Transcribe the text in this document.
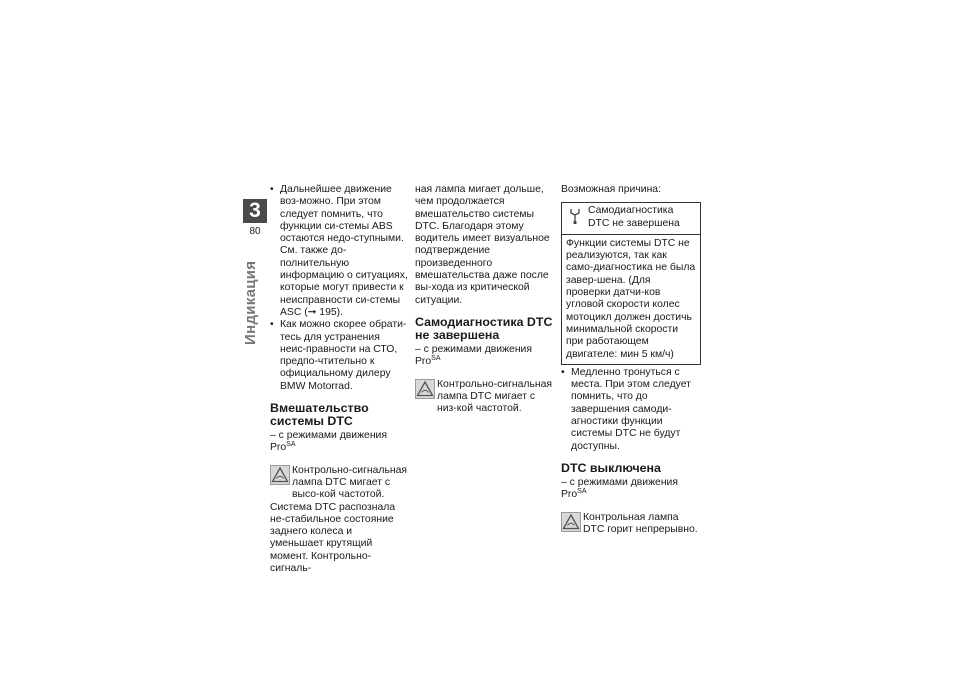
3
80
Индикация

• Дальнейшее движение воз-можно. При этом следует помнить, что функции си-стемы ABS остаются недо-ступными. См. также до-полнительную информацию о ситуациях, которые могут привести к неисправности си-стемы ASC (➞ 195).

• Как можно скорее обрати-тесь для устранения неис-правности на СТО, предпо-чтительно к официальному дилеру BMW Motorrad.

Вмешательство системы DTC

– с режимами движения Pro$^{SA}$

Контрольно-сигнальная лампа DTC мигает с высо-кой частотой.

Система DTC распознала не-стабильное состояние заднего колеса и уменьшает крутящий момент. Контрольно-сигналь-

ная лампа мигает дольше, чем продолжается вмешательство системы DTC. Благодаря этому водитель имеет визуальное подтверждение произведенного вмешательства даже после вы-хода из критической ситуации.

Самодиагностика DTC не завершена

– с режимами движения Pro$^{SA}$

Контрольно-сигнальная лампа DTC мигает с низ-кой частотой.

Возможная причина:

Самодиагностика DTC не завершена

Функции системы DTC не реализуются, так как само-диагностика не была завер-шена. (Для проверки датчи-ков угловой скорости колес мотоцикл должен достичь минимальной скорости при работающем двигателе: мин 5 км/ч)

• Медленно тронуться с места. При этом следует помнить, что до завершения самоди-агностики функции системы DTC не будут доступны.

DTC выключена

– с режимами движения Pro$^{SA}$

Контрольная лампа DTC горит непрерывно.
